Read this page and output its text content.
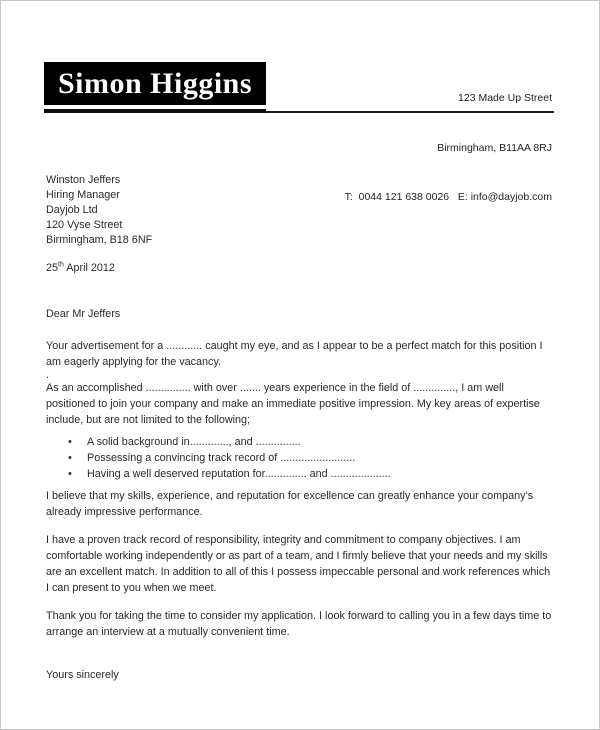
Simon Higgins

	123 Made Up Street

Birmingham, B11AA 8RJ

T:  0044 121 638 0026   E: info@dayjob.com

Winston Jeffers
Hiring Manager
Dayjob Ltd
120 Vyse Street
Birmingham, B18 6NF
25th April 2012
Dear Mr Jeffers
Your advertisement for a ............ caught my eye, and as I appear to be a perfect match for this position I am eagerly applying for the vacancy.
.
As an accomplished ............... with over ....... years experience in the field of .............., I am well positioned to join your company and make an immediate positive impression. My key areas of expertise include, but are not limited to the following;
•
A solid background in............., and ...............
•
Possessing a convincing track record of .........................
•
Having a well deserved reputation for.............. and ....................
I believe that my skills, experience, and reputation for excellence can greatly enhance your company’s already impressive performance.
I have a proven track record of responsibility, integrity and commitment to company objectives. I am comfortable working independently or as part of a team, and I firmly believe that your needs and my skills are an excellent match. In addition to all of this I possess impeccable personal and work references which I can present to you when we meet.
Thank you for taking the time to consider my application. I look forward to calling you in a few days time to arrange an interview at a mutually convenient time.
Yours sincerely
